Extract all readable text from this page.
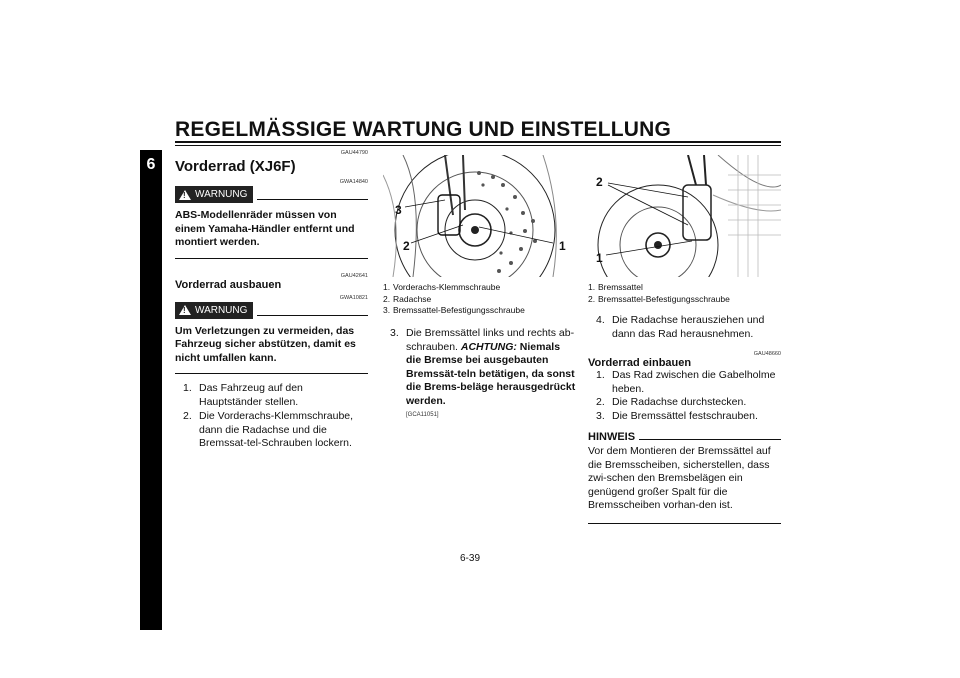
REGELMÄSSIGE WARTUNG UND EINSTELLUNG
6
GAU44790
Vorderrad (XJ6F)
GWA14840
! WARNUNG
ABS-Modellenräder müssen von einem Yamaha-Händler entfernt und montiert werden.
GAU42641
Vorderrad ausbauen
GWA10821
! WARNUNG
Um Verletzungen zu vermeiden, das Fahrzeug sicher abstützen, damit es nicht umfallen kann.
1. Das Fahrzeug auf den Hauptständer stellen.
2. Die Vorderachs-Klemmschraube, dann die Radachse und die Bremssat-tel-Schrauben lockern.
3
2	1
1. Vorderachs-Klemmschraube
2. Radachse
3. Bremssattel-Befestigungsschraube
3. Die Bremssättel links und rechts ab-schrauben. ACHTUNG: Niemals die Bremse bei ausgebauten Bremssät-teln betätigen, da sonst die Brems-beläge herausgedrückt werden.
[GCA11051]
2
1
1. Bremssattel
2. Bremssattel-Befestigungsschraube
4. Die Radachse herausziehen und dann das Rad herausnehmen.
GAU48660
Vorderrad einbauen
1. Das Rad zwischen die Gabelholme heben.
2. Die Radachse durchstecken.
3. Die Bremssättel festschrauben.
HINWEIS
Vor dem Montieren der Bremssättel auf die Bremsscheiben, sicherstellen, dass zwi-schen den Bremsbelägen ein genügend großer Spalt für die Bremsscheiben vorhan-den ist.
6-39
